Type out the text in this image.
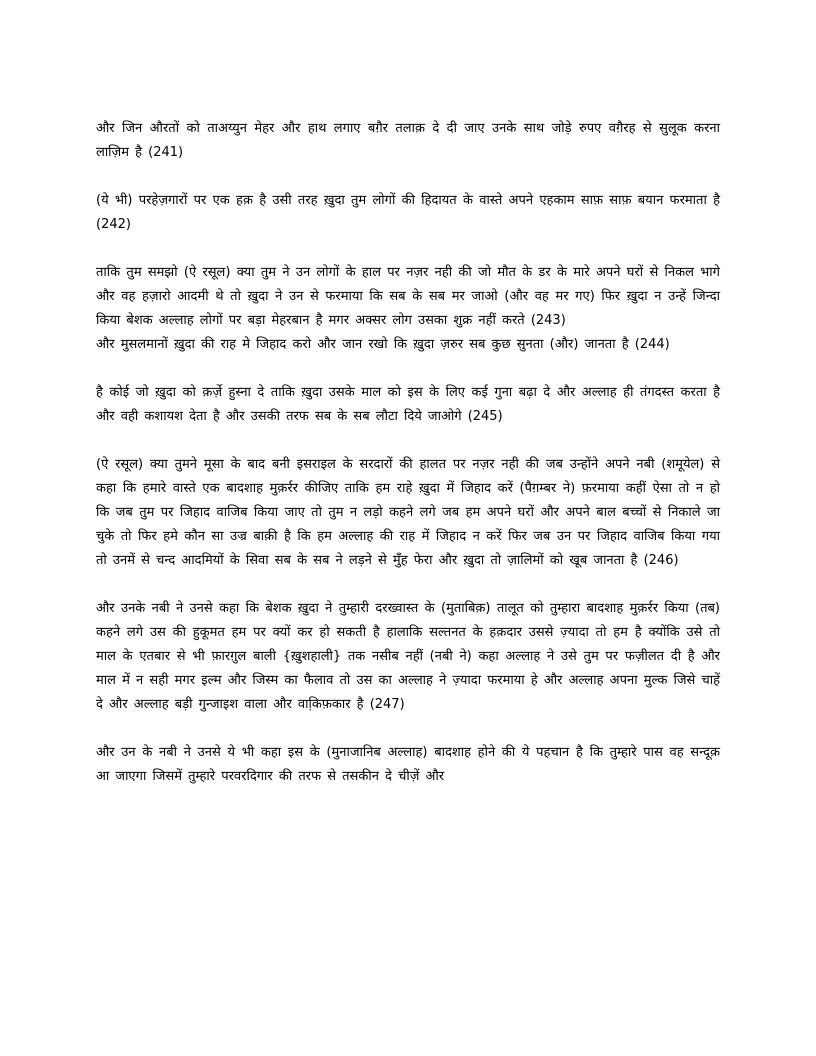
और जिन औरतों को ताअय्युन मेहर और हाथ लगाए बग़ैर तलाक़ दे दी जाए उनके साथ जोड़े रुपए वग़ैरह से सुलूक करना लाज़िम है (241)

(ये भी) परहेज़गारों पर एक हक़ है उसी तरह ख़ुदा तुम लोगों की हिदायत के वास्ते अपने एहकाम साफ़ साफ़ बयान फरमाता है (242)

ताकि तुम समझो (ऐ रसूल) क्या तुम ने उन लोगों के हाल पर नज़र नही की जो मौत के डर के मारे अपने घरों से निकल भागे और वह हज़ारो आदमी थे तो ख़ुदा ने उन से फरमाया कि सब के सब मर जाओ (और वह मर गए) फिर ख़ुदा न उन्हें जिन्दा किया बेशक अल्लाह लोगों पर बड़ा मेहरबान है मगर अक्सर लोग उसका शुक्र नहीं करते (243)

और मुसलमानों ख़ुदा की राह मे जिहाद करो और जान रखो कि ख़ुदा ज़रुर सब कुछ सुनता (और) जानता है (244)

है कोई जो ख़ुदा को क़र्ज़े हुस्ना दे ताकि ख़ुदा उसके माल को इस के लिए कई गुना बढ़ा दे और अल्लाह ही तंगदस्त करता है और वही कशायश देता है और उसकी तरफ सब के सब लौटा दिये जाओगे (245)

(ऐ रसूल) क्या तुमने मूसा के बाद बनी इसराइल के सरदारों की हालत पर नज़र नही की जब उन्होंने अपने नबी (शमूयेल) से कहा कि हमारे वास्ते एक बादशाह मुक़र्रर कीजिए ताकि हम राहे ख़ुदा में जिहाद करें (पैग़म्बर ने) फ़रमाया कहीं ऐसा तो न हो कि जब तुम पर जिहाद वाजिब किया जाए तो तुम न लड़ो कहने लगे जब हम अपने घरों और अपने बाल बच्चों से निकाले जा चुके तो फिर हमे कौन सा उज्र बाक़ी है कि हम अल्लाह की राह में जिहाद न करें फिर जब उन पर जिहाद वाजिब किया गया तो उनमें से चन्द आदमियों के सिवा सब के सब ने लड़ने से मुँह फेरा और ख़ुदा तो ज़ालिमों को खूब जानता है (246)

और उनके नबी ने उनसे कहा कि बेशक ख़ुदा ने तुम्हारी दरख्वास्त के (मुताबिक़) तालूत को तुम्हारा बादशाह मुक़र्रर किया (तब) कहने लगे उस की हुकूमत हम पर क्यों कर हो सकती है हालाकि सल्तनत के हक़दार उससे ज़्यादा तो हम है क्योंकि उसे तो माल के एतबार से भी फ़ारग़ुल बाली {ख़ुशहाली} तक नसीब नहीं (नबी ने) कहा अल्लाह ने उसे तुम पर फज़ीलत दी है और माल में न सही मगर इल्म और जिस्म का फैलाव तो उस का अल्लाह ने ज़्यादा फरमाया हे और अल्लाह अपना मुल्क जिसे चाहें दे और अल्लाह बड़ी गुन्जाइश वाला और वाकि़फ़कार है (247)

और उन के नबी ने उनसे ये भी कहा इस के (मुनाजानिब अल्लाह) बादशाह होने की ये पहचान है कि तुम्हारे पास वह सन्दूक़ आ जाएगा जिसमें तुम्हारे परवरदिगार की तरफ से तसकीन दे चीज़ें और
